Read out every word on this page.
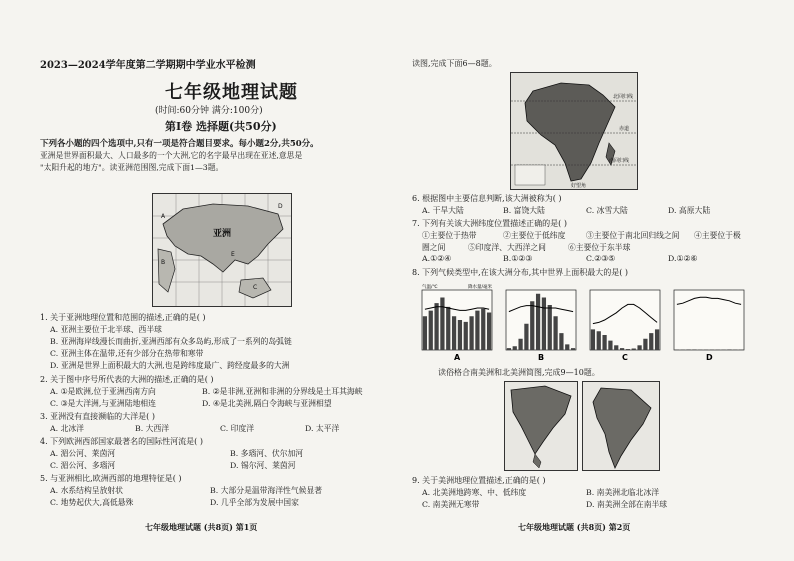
2023—2024学年度第二学期期中学业水平检测
七年级地理试题
(时间:60分钟 满分:100分)
第Ⅰ卷 选择题(共50分)
下列各小题的四个选项中,只有一项是符合题目要求。每小题2分,共50分。
亚洲是世界面积最大、人口最多的一个大洲,它的名字最早出现在亚述,意思是
"太阳升起的地方"。读亚洲范围图,完成下面1—3题。
亚洲
A
B
C
D
E
1. 关于亚洲地理位置和范围的描述,正确的是( )
A. 亚洲主要位于北半球、西半球
B. 亚洲海岸线漫长而曲折,亚洲西部有众多岛屿,形成了一系列的岛弧链
C. 亚洲主体在温带,还有少部分在热带和寒带
D. 亚洲是世界上面积最大的大洲,也是跨纬度最广、跨经度最多的大洲
2. 关于图中序号所代表的大洲的描述,正确的是( )
A. ①是欧洲,位于亚洲西南方向	B. ②是非洲,亚洲和非洲的分界线是土耳其海峡
C. ③是大洋洲,与亚洲陆地相连	D. ④是北美洲,隔白令海峡与亚洲相望
3. 亚洲没有直接濒临的大洋是( )
A. 北冰洋	B. 大西洋	C. 印度洋	D. 太平洋
4. 下列欧洲西部国家最著名的国际性河流是( )
A. 湄公河、莱茵河	B. 多瑙河、伏尔加河
C. 湄公河、多瑙河	D. 锡尔河、莱茵河
5. 与亚洲相比,欧洲西部的地理特征是( )
A. 水系结构呈放射状	B. 大部分是温带海洋性气候显著
C. 地势起伏大,高低悬殊	D. 几乎全部为发展中国家
七年级地理试题 (共8页) 第1页
读图,完成下面6—8题。
北回归线
赤道
南回归线
好望角
6. 根据图中主要信息判断,该大洲被称为( )
A. 干旱大陆	B. 富饶大陆	C. 冰雪大陆	D. 高原大陆
7. 下列有关该大洲纬度位置描述正确的是( )
①主要位于热带	②主要位于低纬度	③主要位于南北回归线之间 ④主要位于极
圈之间	⑤印度洋、大西洋之间	⑥主要位于东半球
A.①②④	B.①②③	C.②③⑤	D.①②⑥
8. 下列气候类型中,在该大洲分布,其中世界上面积最大的是( )
气温/℃	降水量/毫米
A	B	C	D
读俗格合南美洲和北美洲简图,完成9—10题。
9. 关于美洲地理位置描述,正确的是( )
A. 北美洲地跨寒、中、低纬度	B. 南美洲北临北冰洋
C. 南美洲无寒带	D. 南美洲全部在南半球
七年级地理试题 (共8页) 第2页
